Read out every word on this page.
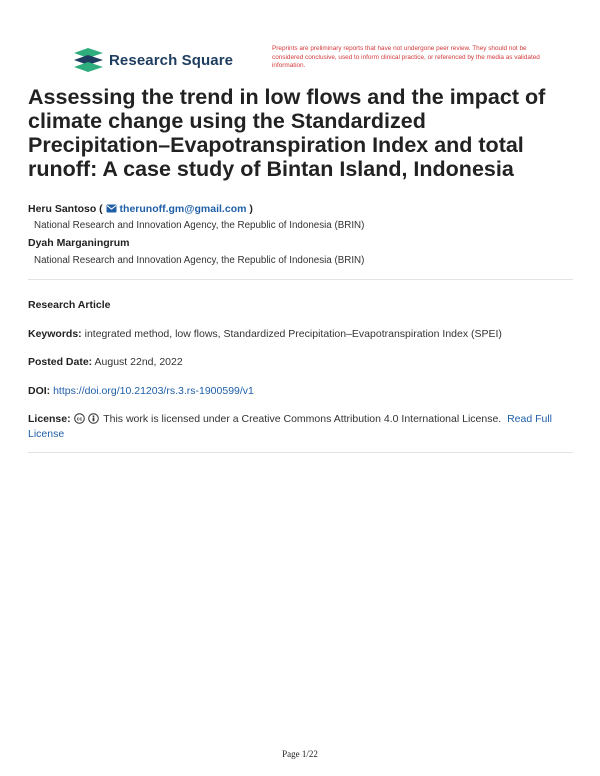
Research Square
Preprints are preliminary reports that have not undergone peer review. They should not be considered conclusive, used to inform clinical practice, or referenced by the media as validated information.
Assessing the trend in low flows and the impact of climate change using the Standardized Precipitation–Evapotranspiration Index and total runoff: A case study of Bintan Island, Indonesia
Heru Santoso (  therunoff.gm@gmail.com )
National Research and Innovation Agency, the Republic of Indonesia (BRIN)
Dyah Marganingrum
National Research and Innovation Agency, the Republic of Indonesia (BRIN)
Research Article
Keywords: integrated method, low flows, Standardized Precipitation–Evapotranspiration Index (SPEI)
Posted Date: August 22nd, 2022
DOI: https://doi.org/10.21203/rs.3.rs-1900599/v1
License: cc This work is licensed under a Creative Commons Attribution 4.0 International License. Read Full License
Page 1/22
